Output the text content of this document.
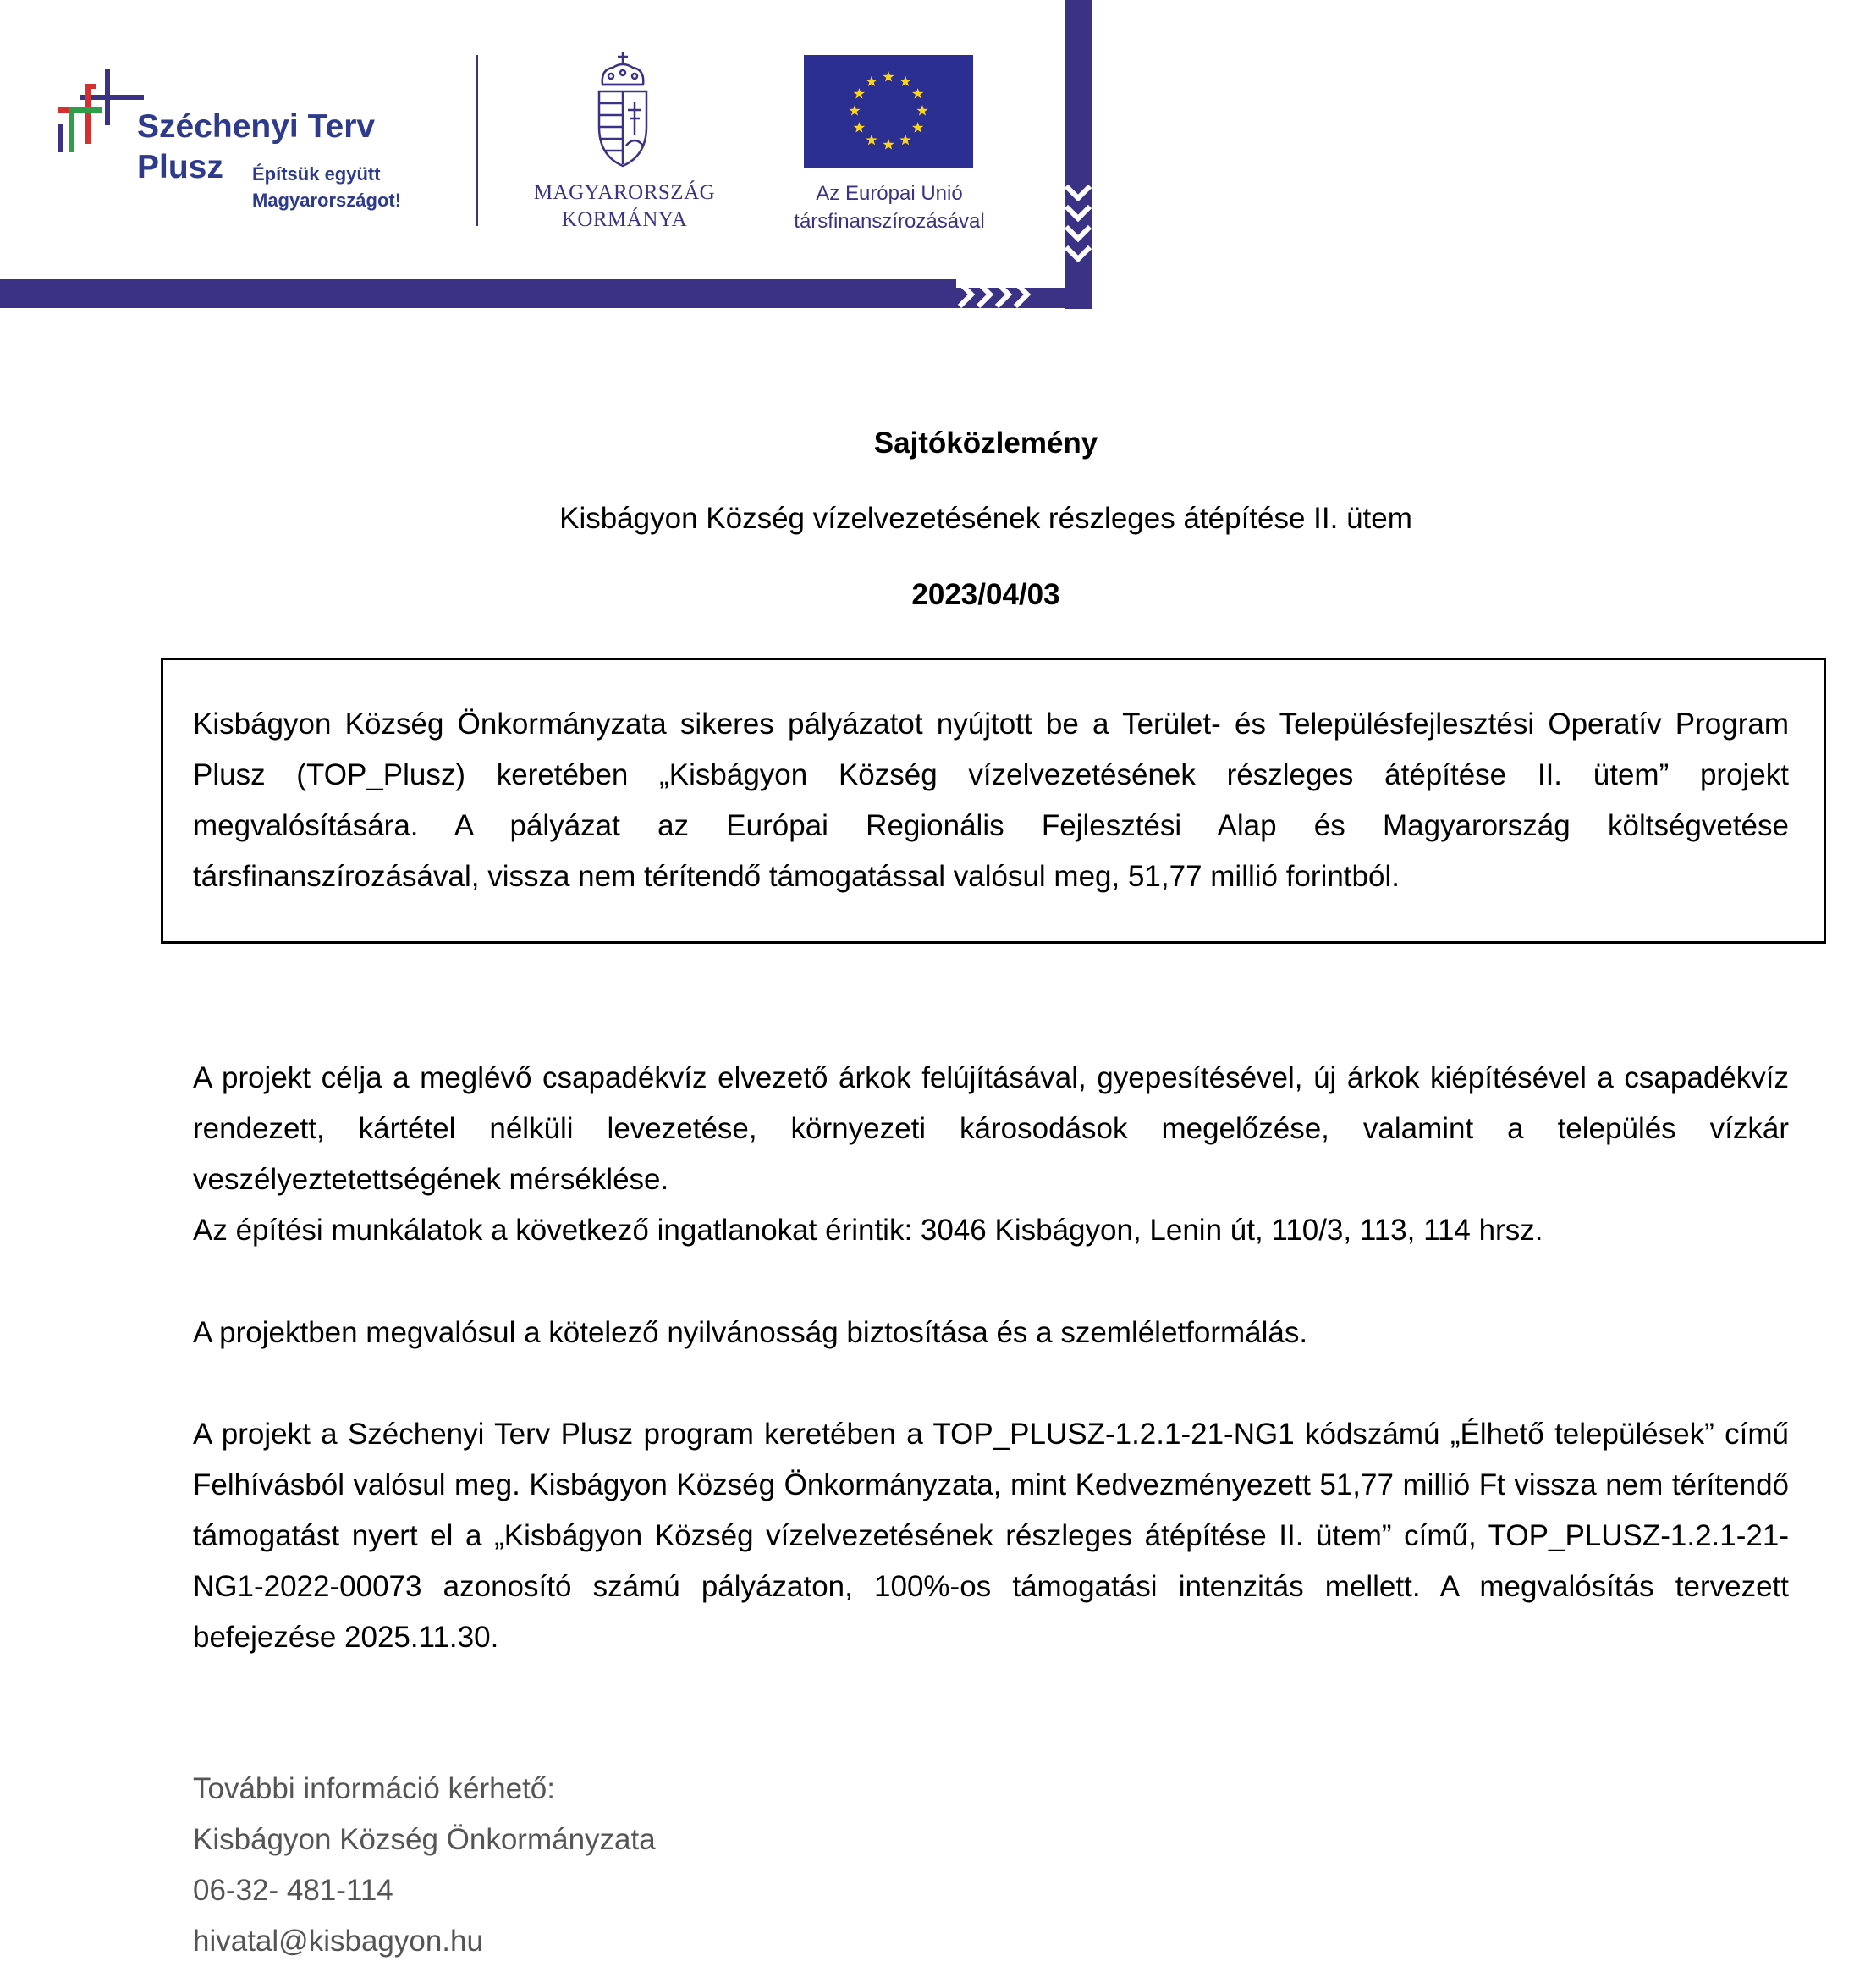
Széchenyi Terv
Plusz Építsük együtt
Magyarországot!	MAGYARORSZÁG
KORMÁNYA
Az Európai Unió
társfinanszírozásával
Sajtóközlemény
Kisbágyon Község vízelvezetésének részleges átépítése II. ütem
2023/04/03

Kisbágyon Község Önkormányzata sikeres pályázatot nyújtott be a Terület- és Településfejlesztési Operatív Program Plusz (TOP_Plusz) keretében „Kisbágyon Község vízelvezetésének részleges átépítése II. ütem” projekt megvalósítására. A pályázat az Európai Regionális Fejlesztési Alap és Magyarország költségvetése társfinanszírozásával, vissza nem térítendő támogatással valósul meg, 51,77 millió forintból.

A projekt célja a meglévő csapadékvíz elvezető árkok felújításával, gyepesítésével, új árkok kiépítésével a csapadékvíz rendezett, kártétel nélküli levezetése, környezeti károsodások megelőzése, valamint a település vízkár veszélyeztetettségének mérséklése.

Az építési munkálatok a következő ingatlanokat érintik: 3046 Kisbágyon, Lenin út, 110/3, 113, 114 hrsz.

A projektben megvalósul a kötelező nyilvánosság biztosítása és a szemléletformálás.

A projekt a Széchenyi Terv Plusz program keretében a TOP_PLUSZ-1.2.1-21-NG1 kódszámú „Élhető települések” című Felhívásból valósul meg. Kisbágyon Község Önkormányzata, mint Kedvezményezett 51,77 millió Ft vissza nem térítendő támogatást nyert el a „Kisbágyon Község vízelvezetésének részleges átépítése II. ütem” című, TOP_PLUSZ-1.2.1-21-NG1-2022-00073 azonosító számú pályázaton, 100%-os támogatási intenzitás mellett. A megvalósítás tervezett befejezése 2025.11.30.

További információ kérhető:
Kisbágyon Község Önkormányzata
06-32- 481-114
hivatal@kisbagyon.hu
